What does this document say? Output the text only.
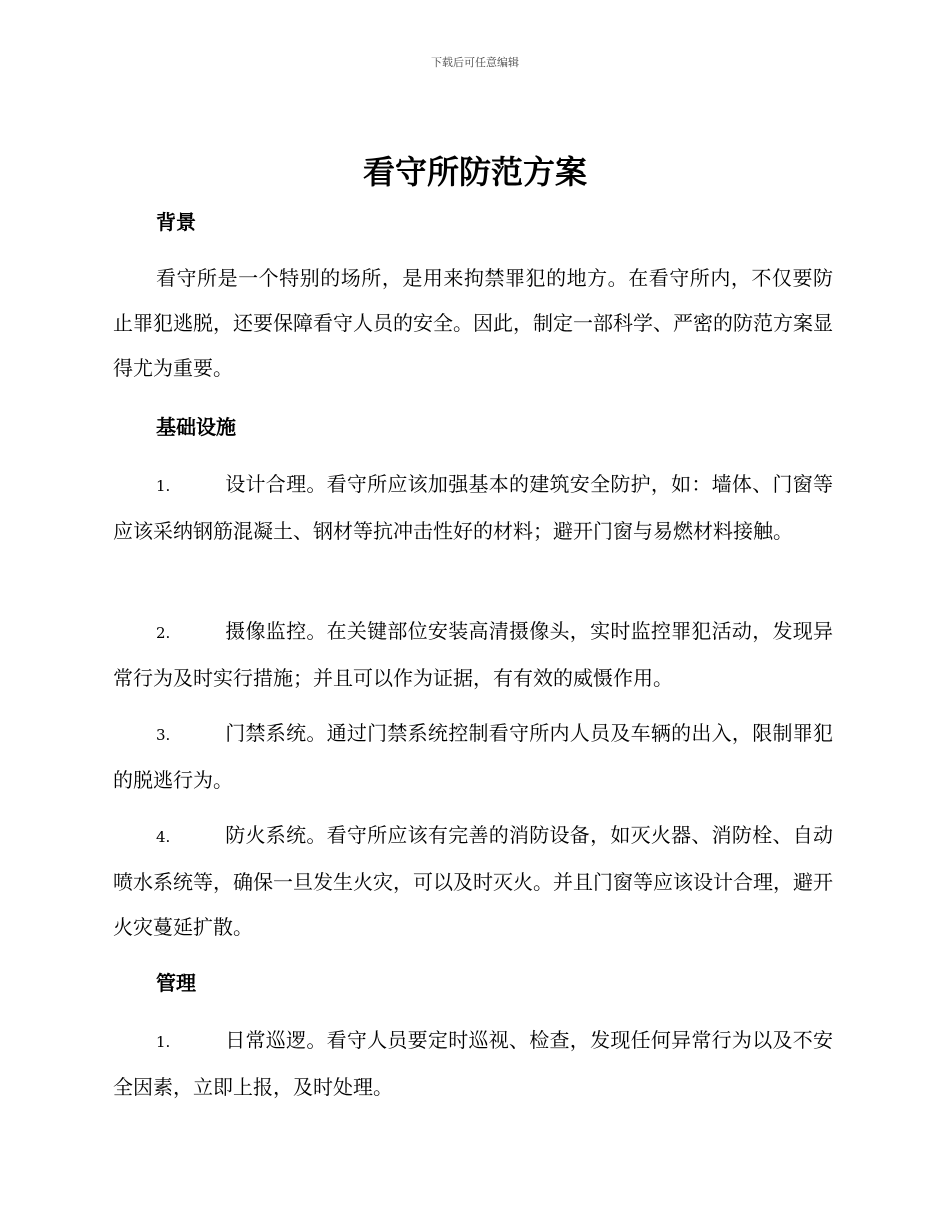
下载后可任意编辑
看守所防范方案
背景

看守所是一个特别的场所，是用来拘禁罪犯的地方。在看守所内，不仅要防止罪犯逃脱，还要保障看守人员的安全。因此，制定一部科学、严密的防范方案显得尤为重要。

基础设施

1.	设计合理。看守所应该加强基本的建筑安全防护，如：墙体、门窗等应该采纳钢筋混凝土、钢材等抗冲击性好的材料；避开门窗与易燃材料接触。

2.	摄像监控。在关键部位安装高清摄像头，实时监控罪犯活动，发现异常行为及时实行措施；并且可以作为证据，有有效的威慑作用。

3.	门禁系统。通过门禁系统控制看守所内人员及车辆的出入，限制罪犯的脱逃行为。

4.	防火系统。看守所应该有完善的消防设备，如灭火器、消防栓、自动喷水系统等，确保一旦发生火灾，可以及时灭火。并且门窗等应该设计合理，避开火灾蔓延扩散。

管理

1.	日常巡逻。看守人员要定时巡视、检查，发现任何异常行为以及不安全因素，立即上报，及时处理。
